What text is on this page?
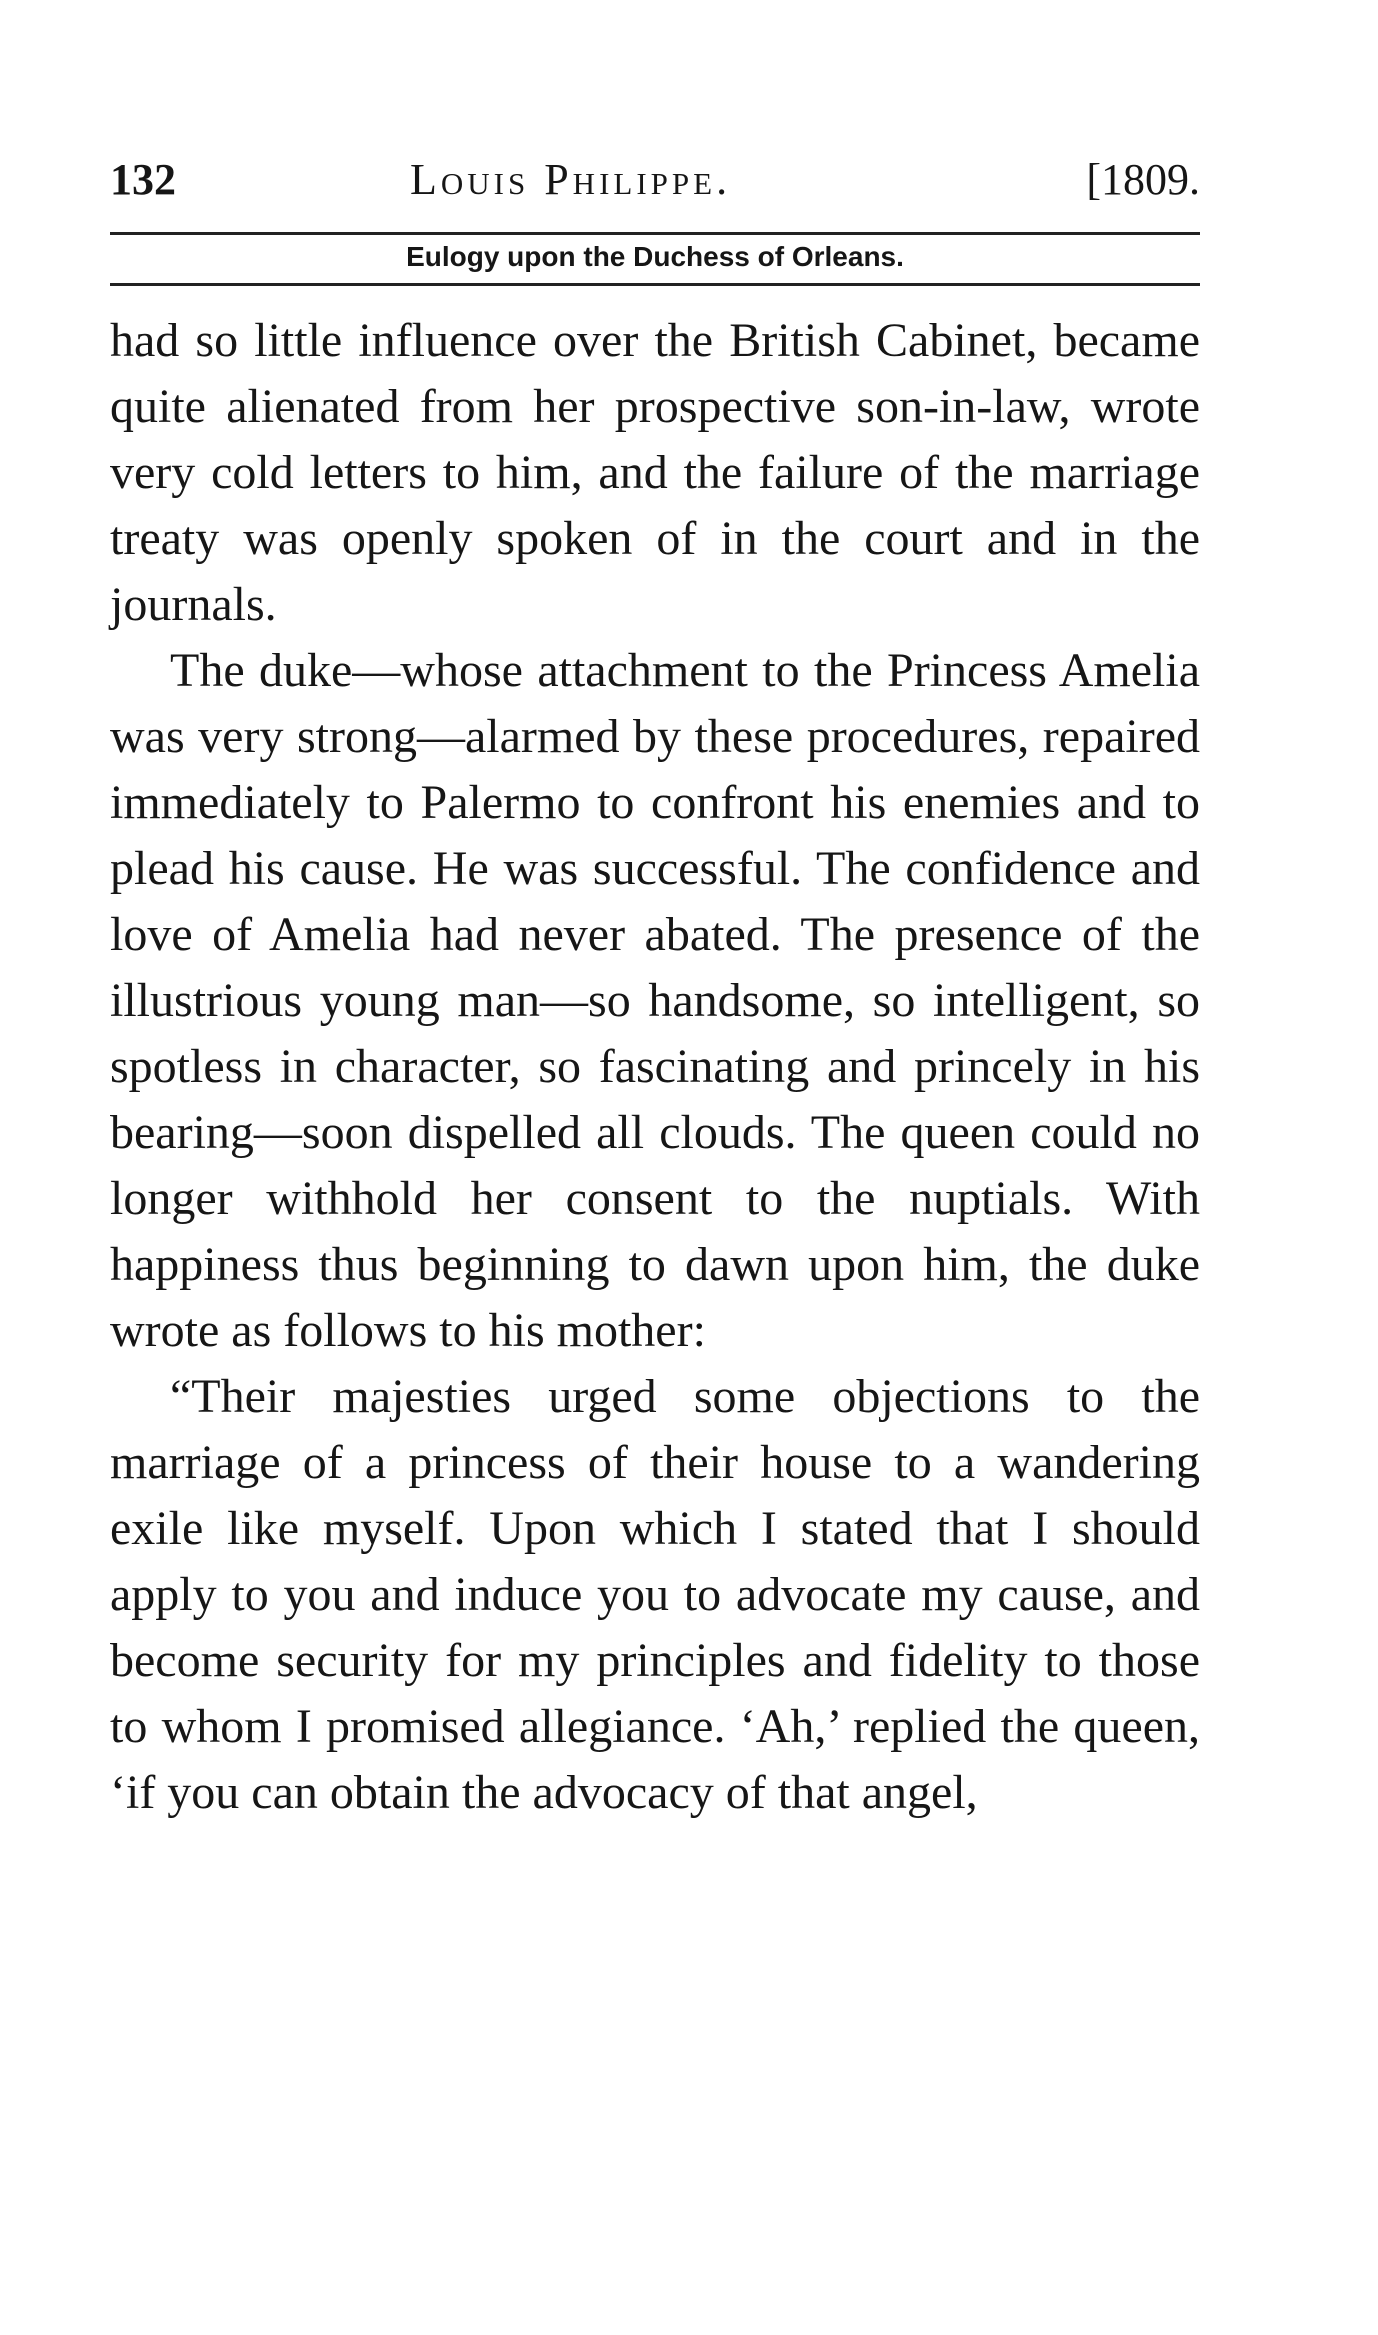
132	Louis Philippe.	[1809.
Eulogy upon the Duchess of Orleans.

had so little influence over the British Cabinet, became quite alienated from her prospective son-in-law, wrote very cold letters to him, and the failure of the marriage treaty was openly spoken of in the court and in the journals.

The duke—whose attachment to the Princess Amelia was very strong—alarmed by these procedures, repaired immediately to Palermo to confront his enemies and to plead his cause. He was successful. The confidence and love of Amelia had never abated. The presence of the illustrious young man—so handsome, so intelligent, so spotless in character, so fascinating and princely in his bearing—soon dispelled all clouds. The queen could no longer withhold her consent to the nuptials. With happiness thus beginning to dawn upon him, the duke wrote as follows to his mother:

“Their majesties urged some objections to the marriage of a princess of their house to a wandering exile like myself. Upon which I stated that I should apply to you and induce you to advocate my cause, and become security for my principles and fidelity to those to whom I promised allegiance. ‘Ah,’ replied the queen, ‘if you can obtain the advocacy of that angel,
